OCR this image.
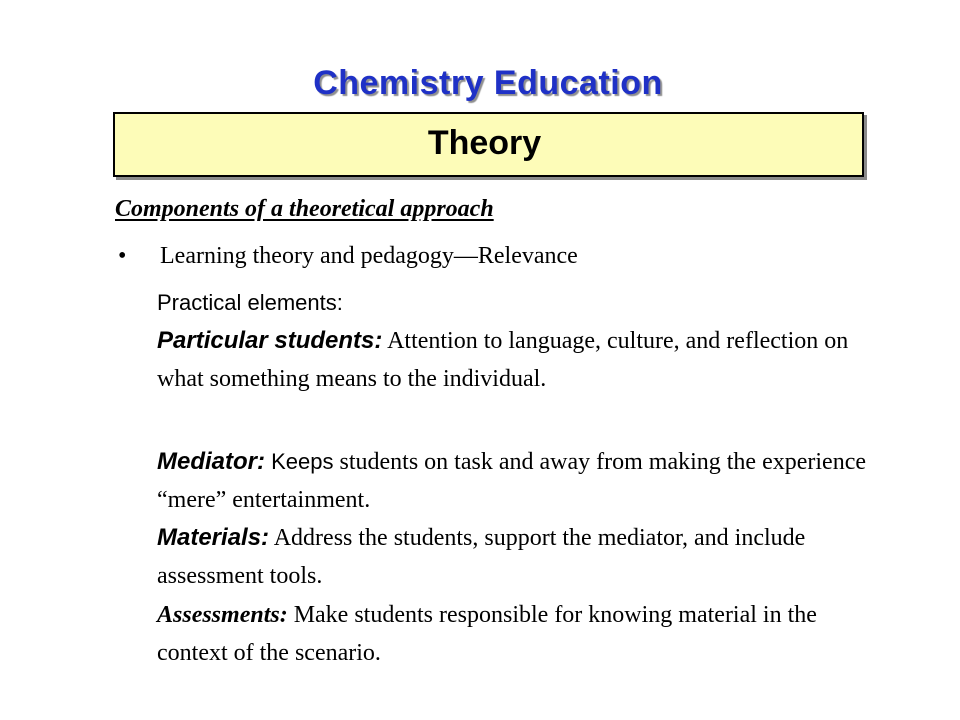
Chemistry Education
Theory
Components of a theoretical approach
• Learning theory and pedagogy—Relevance
Practical elements:
Particular students: Attention to language, culture, and reflection on what something means to the individual.
Mediator: Keeps students on task and away from making the experience “mere” entertainment.
Materials: Address the students, support the mediator, and include assessment tools.
Assessments: Make students responsible for knowing material in the context of the scenario.
